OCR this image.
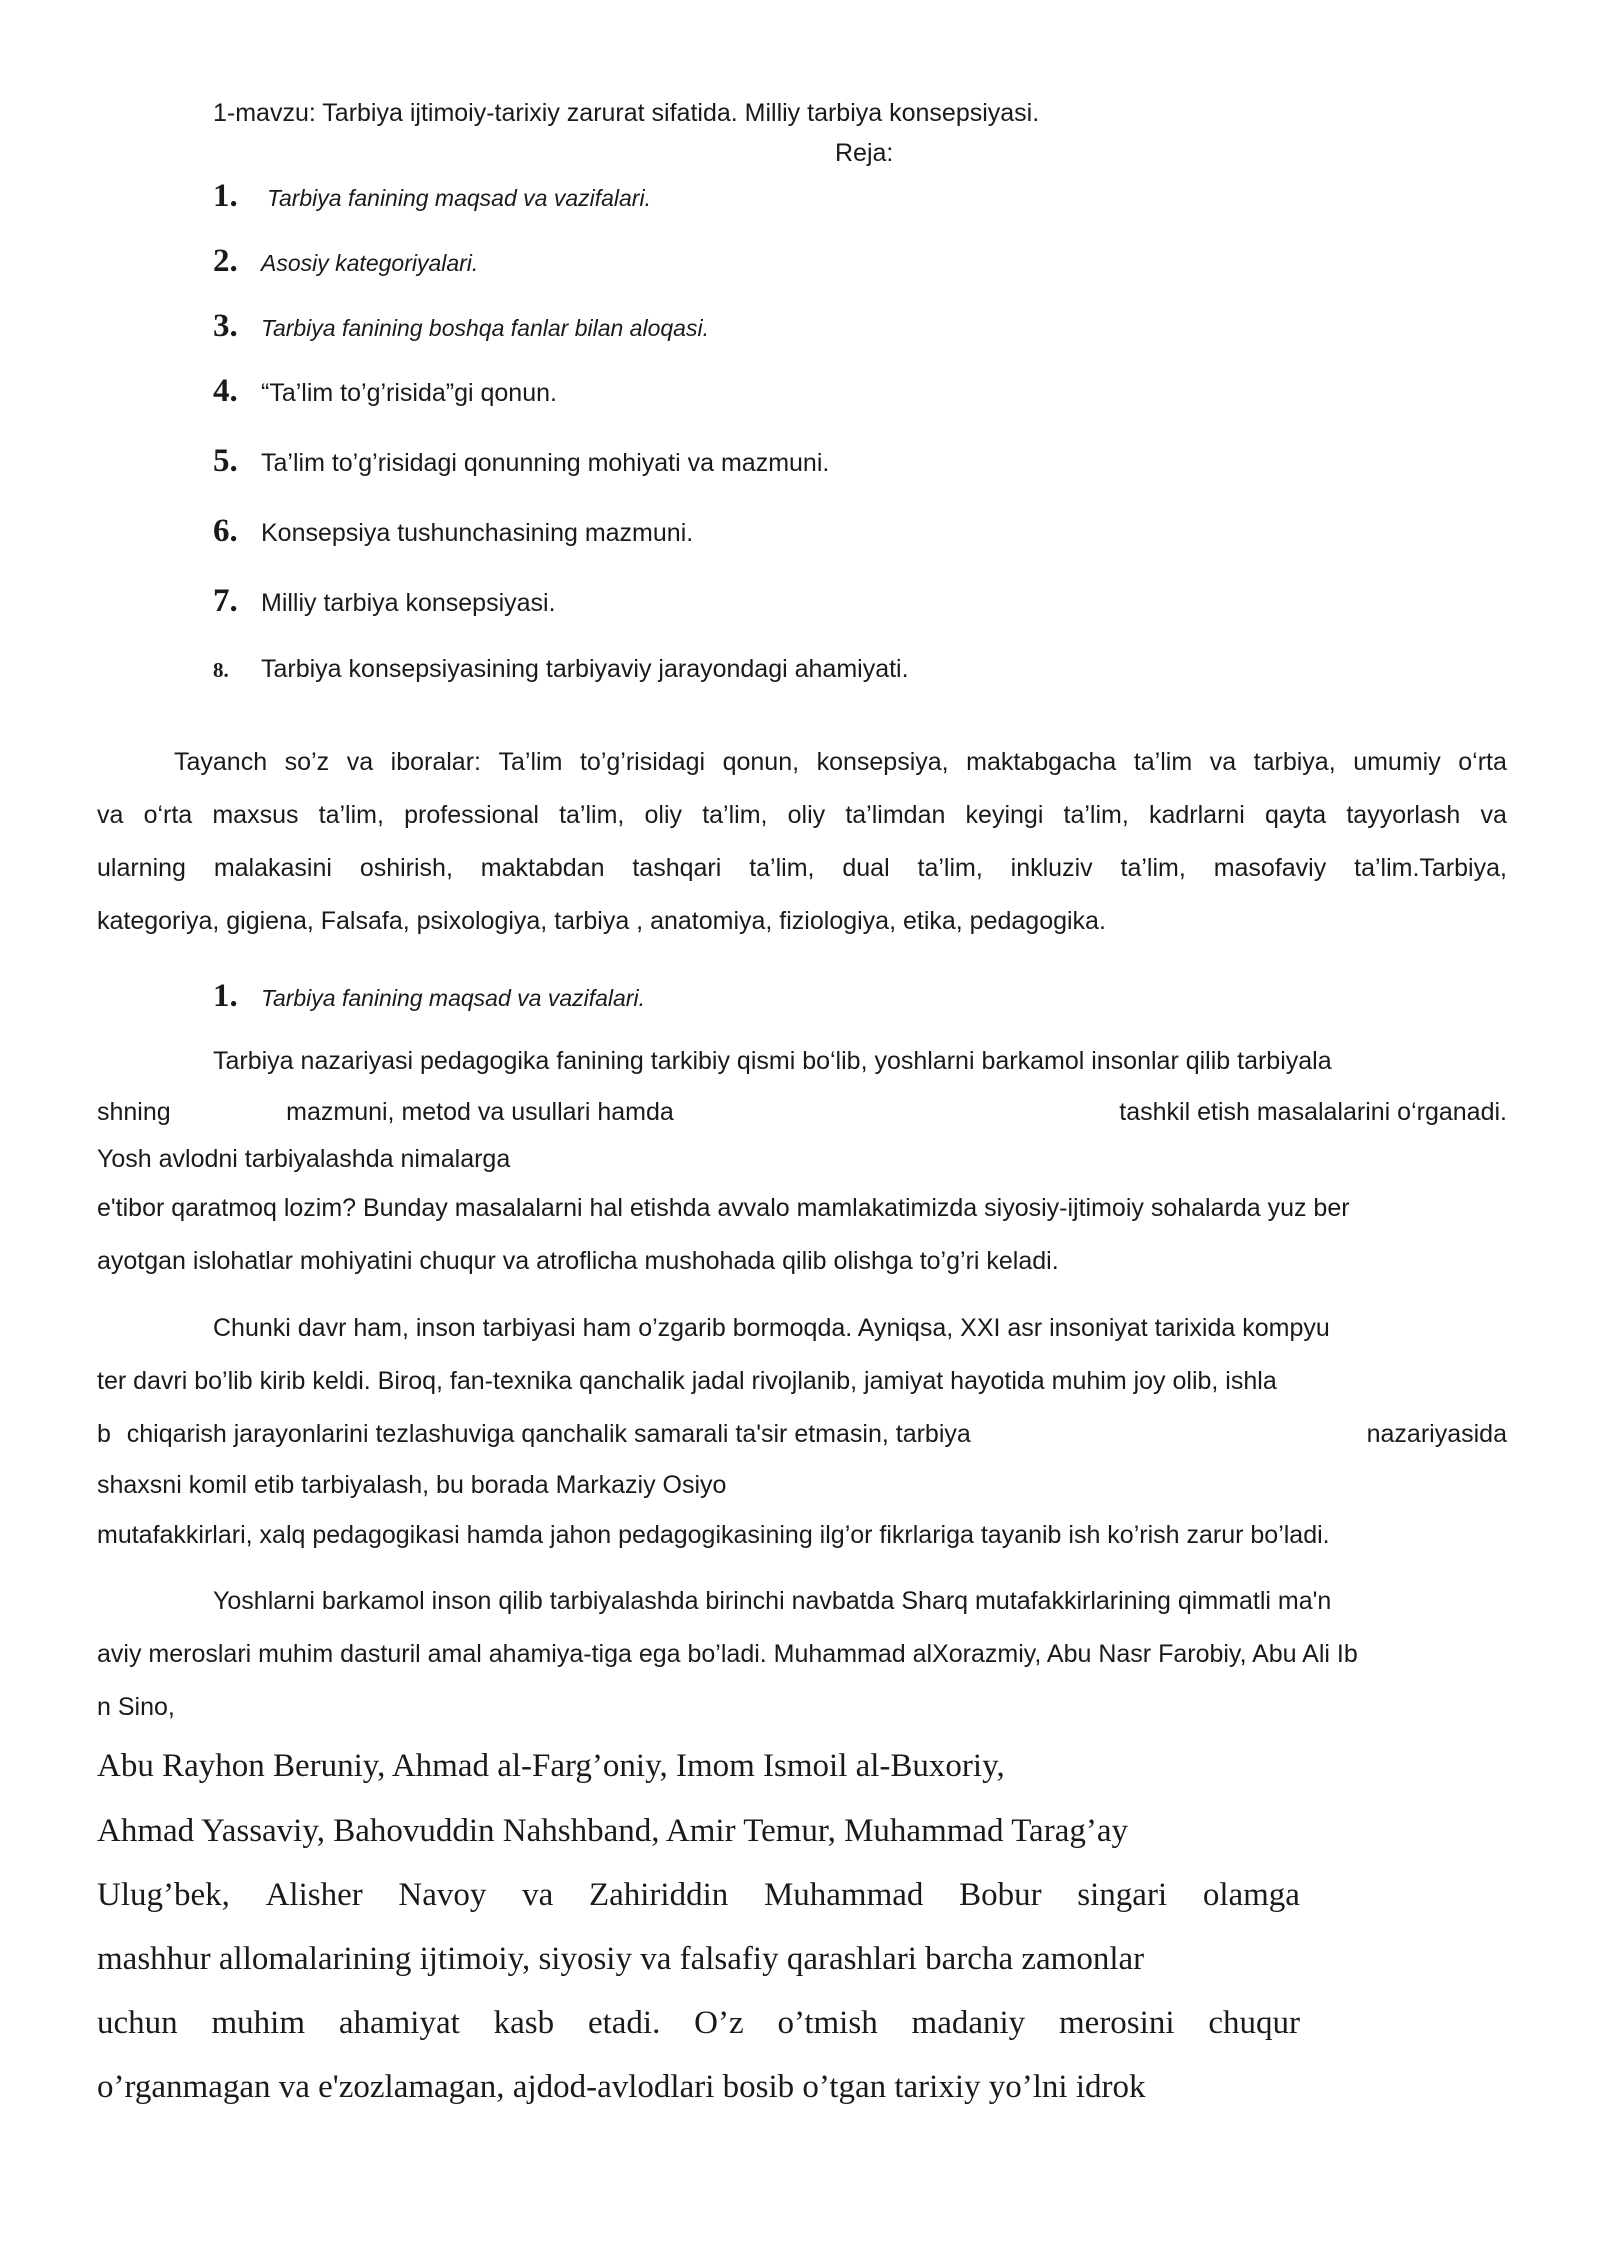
1-mavzu: Tarbiya ijtimoiy-tarixiy zarurat sifatida. Milliy tarbiya konsepsiyasi.
Reja:
1.	Tarbiya fanining maqsad va vazifalari.
2.	Asosiy kategoriyalari.
3.	Tarbiya fanining boshqa fanlar bilan aloqasi.
4. “Ta’lim to’g’risida”gi qonun.
5. Ta’lim to’g’risidagi qonunning mohiyati va mazmuni.
6. Konsepsiya tushunchasining mazmuni.
7. Milliy tarbiya konsepsiyasi.
8.	Tarbiya konsepsiyasining tarbiyaviy jarayondagi ahamiyati.
Tayanch so’z va iboralar: Ta’lim to’g’risidagi qonun, konsepsiya, maktabgacha ta’lim va tarbiya, umumiy o‘rta
va o‘rta maxsus ta’lim, professional ta’lim, oliy ta’lim, oliy ta’limdan keyingi ta’lim, kadrlarni qayta tayyorlash va
ularning malakasini oshirish, maktabdan tashqari ta’lim, dual ta’lim, inkluziv ta’lim, masofaviy ta’lim.Tarbiya,
kategoriya, gigiena, Falsafa, psixologiya, tarbiya , anatomiya, fiziologiya, etika, pedagogika.
1.	Tarbiya fanining maqsad va vazifalari.
Tarbiya nazariyasi pedagogika fanining tarkibiy qismi bo‘lib, yoshlarni barkamol insonlar qilib tarbiyala
shning	mazmuni, metod va usullari hamda	tashkil etish masalalarini o‘rganadi.
Yosh avlodni tarbiyalashda nimalarga
e'tibor qaratmoq lozim? Bunday masalalarni hal etishda avvalo mamlakatimizda siyosiy-ijtimoiy sohalarda yuz ber
ayotgan islohatlar mohiyatini chuqur va atroflicha mushohada qilib olishga to’g’ri keladi.
Chunki davr ham, inson tarbiyasi ham o’zgarib bormoqda. Ayniqsa, XXI asr insoniyat tarixida kompyu
ter davri bo’lib kirib keldi. Biroq, fan-texnika qanchalik jadal rivojlanib, jamiyat hayotida muhim joy olib, ishla
b chiqarish jarayonlarini tezlashuviga qanchalik samarali ta'sir etmasin, tarbiya	nazariyasida
shaxsni komil etib tarbiyalash, bu borada Markaziy Osiyo
mutafakkirlari, xalq pedagogikasi hamda jahon pedagogikasining ilg’or fikrlariga tayanib ish ko’rish zarur bo’ladi.
Yoshlarni barkamol inson qilib tarbiyalashda birinchi navbatda Sharq mutafakkirlarining qimmatli ma'n
aviy meroslari muhim dasturil amal ahamiya-tiga ega bo’ladi. Muhammad alXorazmiy, Abu Nasr Farobiy, Abu Ali Ib
n Sino,
Abu Rayhon Beruniy, Ahmad al-Farg’oniy, Imom Ismoil al-Buxoriy,
Ahmad Yassaviy, Bahovuddin Nahshband, Amir Temur, Muhammad Tarag’ay
Ulug’bek, Alisher Navoy va Zahiriddin Muhammad Bobur singari olamga
mashhur allomalarining ijtimoiy, siyosiy va falsafiy qarashlari barcha zamonlar
uchun muhim ahamiyat kasb etadi. O’z o’tmish madaniy merosini chuqur
o’rganmagan va e'zozlamagan, ajdod-avlodlari bosib o’tgan tarixiy yo’lni idrok
